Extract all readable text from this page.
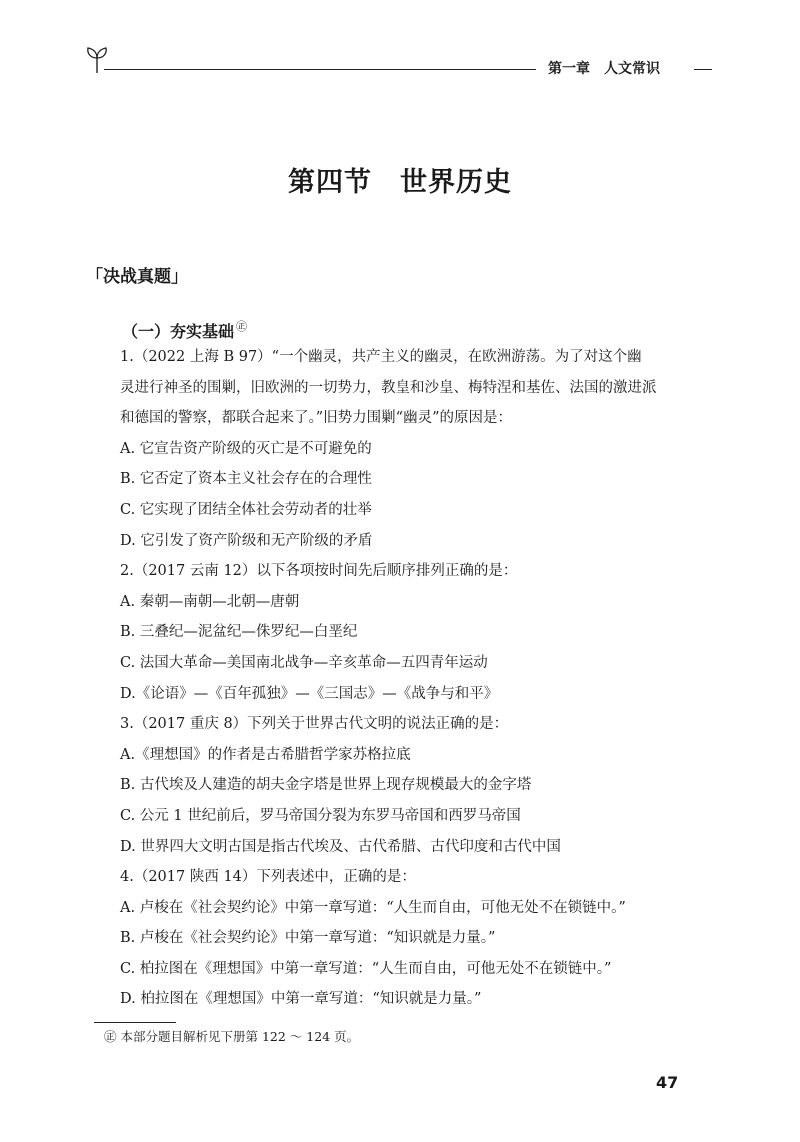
第一章　人文常识
第四节　世界历史
「决战真题」
（一）夯实基础 ㊣
1.（2022 上海 B 97）“一个幽灵，共产主义的幽灵，在欧洲游荡。为了对这个幽
灵进行神圣的围剿，旧欧洲的一切势力，教皇和沙皇、梅特涅和基佐、法国的激进派
和德国的警察，都联合起来了。”旧势力围剿“幽灵”的原因是：
A. 它宣告资产阶级的灭亡是不可避免的
B. 它否定了资本主义社会存在的合理性
C. 它实现了团结全体社会劳动者的壮举
D. 它引发了资产阶级和无产阶级的矛盾
2.（2017 云南 12）以下各项按时间先后顺序排列正确的是：
A. 秦朝—南朝—北朝—唐朝
B. 三叠纪—泥盆纪—侏罗纪—白垩纪
C. 法国大革命—美国南北战争—辛亥革命—五四青年运动
D.《论语》—《百年孤独》—《三国志》—《战争与和平》
3.（2017 重庆 8）下列关于世界古代文明的说法正确的是：
A.《理想国》的作者是古希腊哲学家苏格拉底
B. 古代埃及人建造的胡夫金字塔是世界上现存规模最大的金字塔
C. 公元 1 世纪前后，罗马帝国分裂为东罗马帝国和西罗马帝国
D. 世界四大文明古国是指古代埃及、古代希腊、古代印度和古代中国
4.（2017 陕西 14）下列表述中，正确的是：
A. 卢梭在《社会契约论》中第一章写道：“人生而自由，可他无处不在锁链中。”
B. 卢梭在《社会契约论》中第一章写道：“知识就是力量。”
C. 柏拉图在《理想国》中第一章写道：“人生而自由，可他无处不在锁链中。”
D. 柏拉图在《理想国》中第一章写道：“知识就是力量。”
㊣ 本部分题目解析见下册第 122 ～ 124 页。
47
